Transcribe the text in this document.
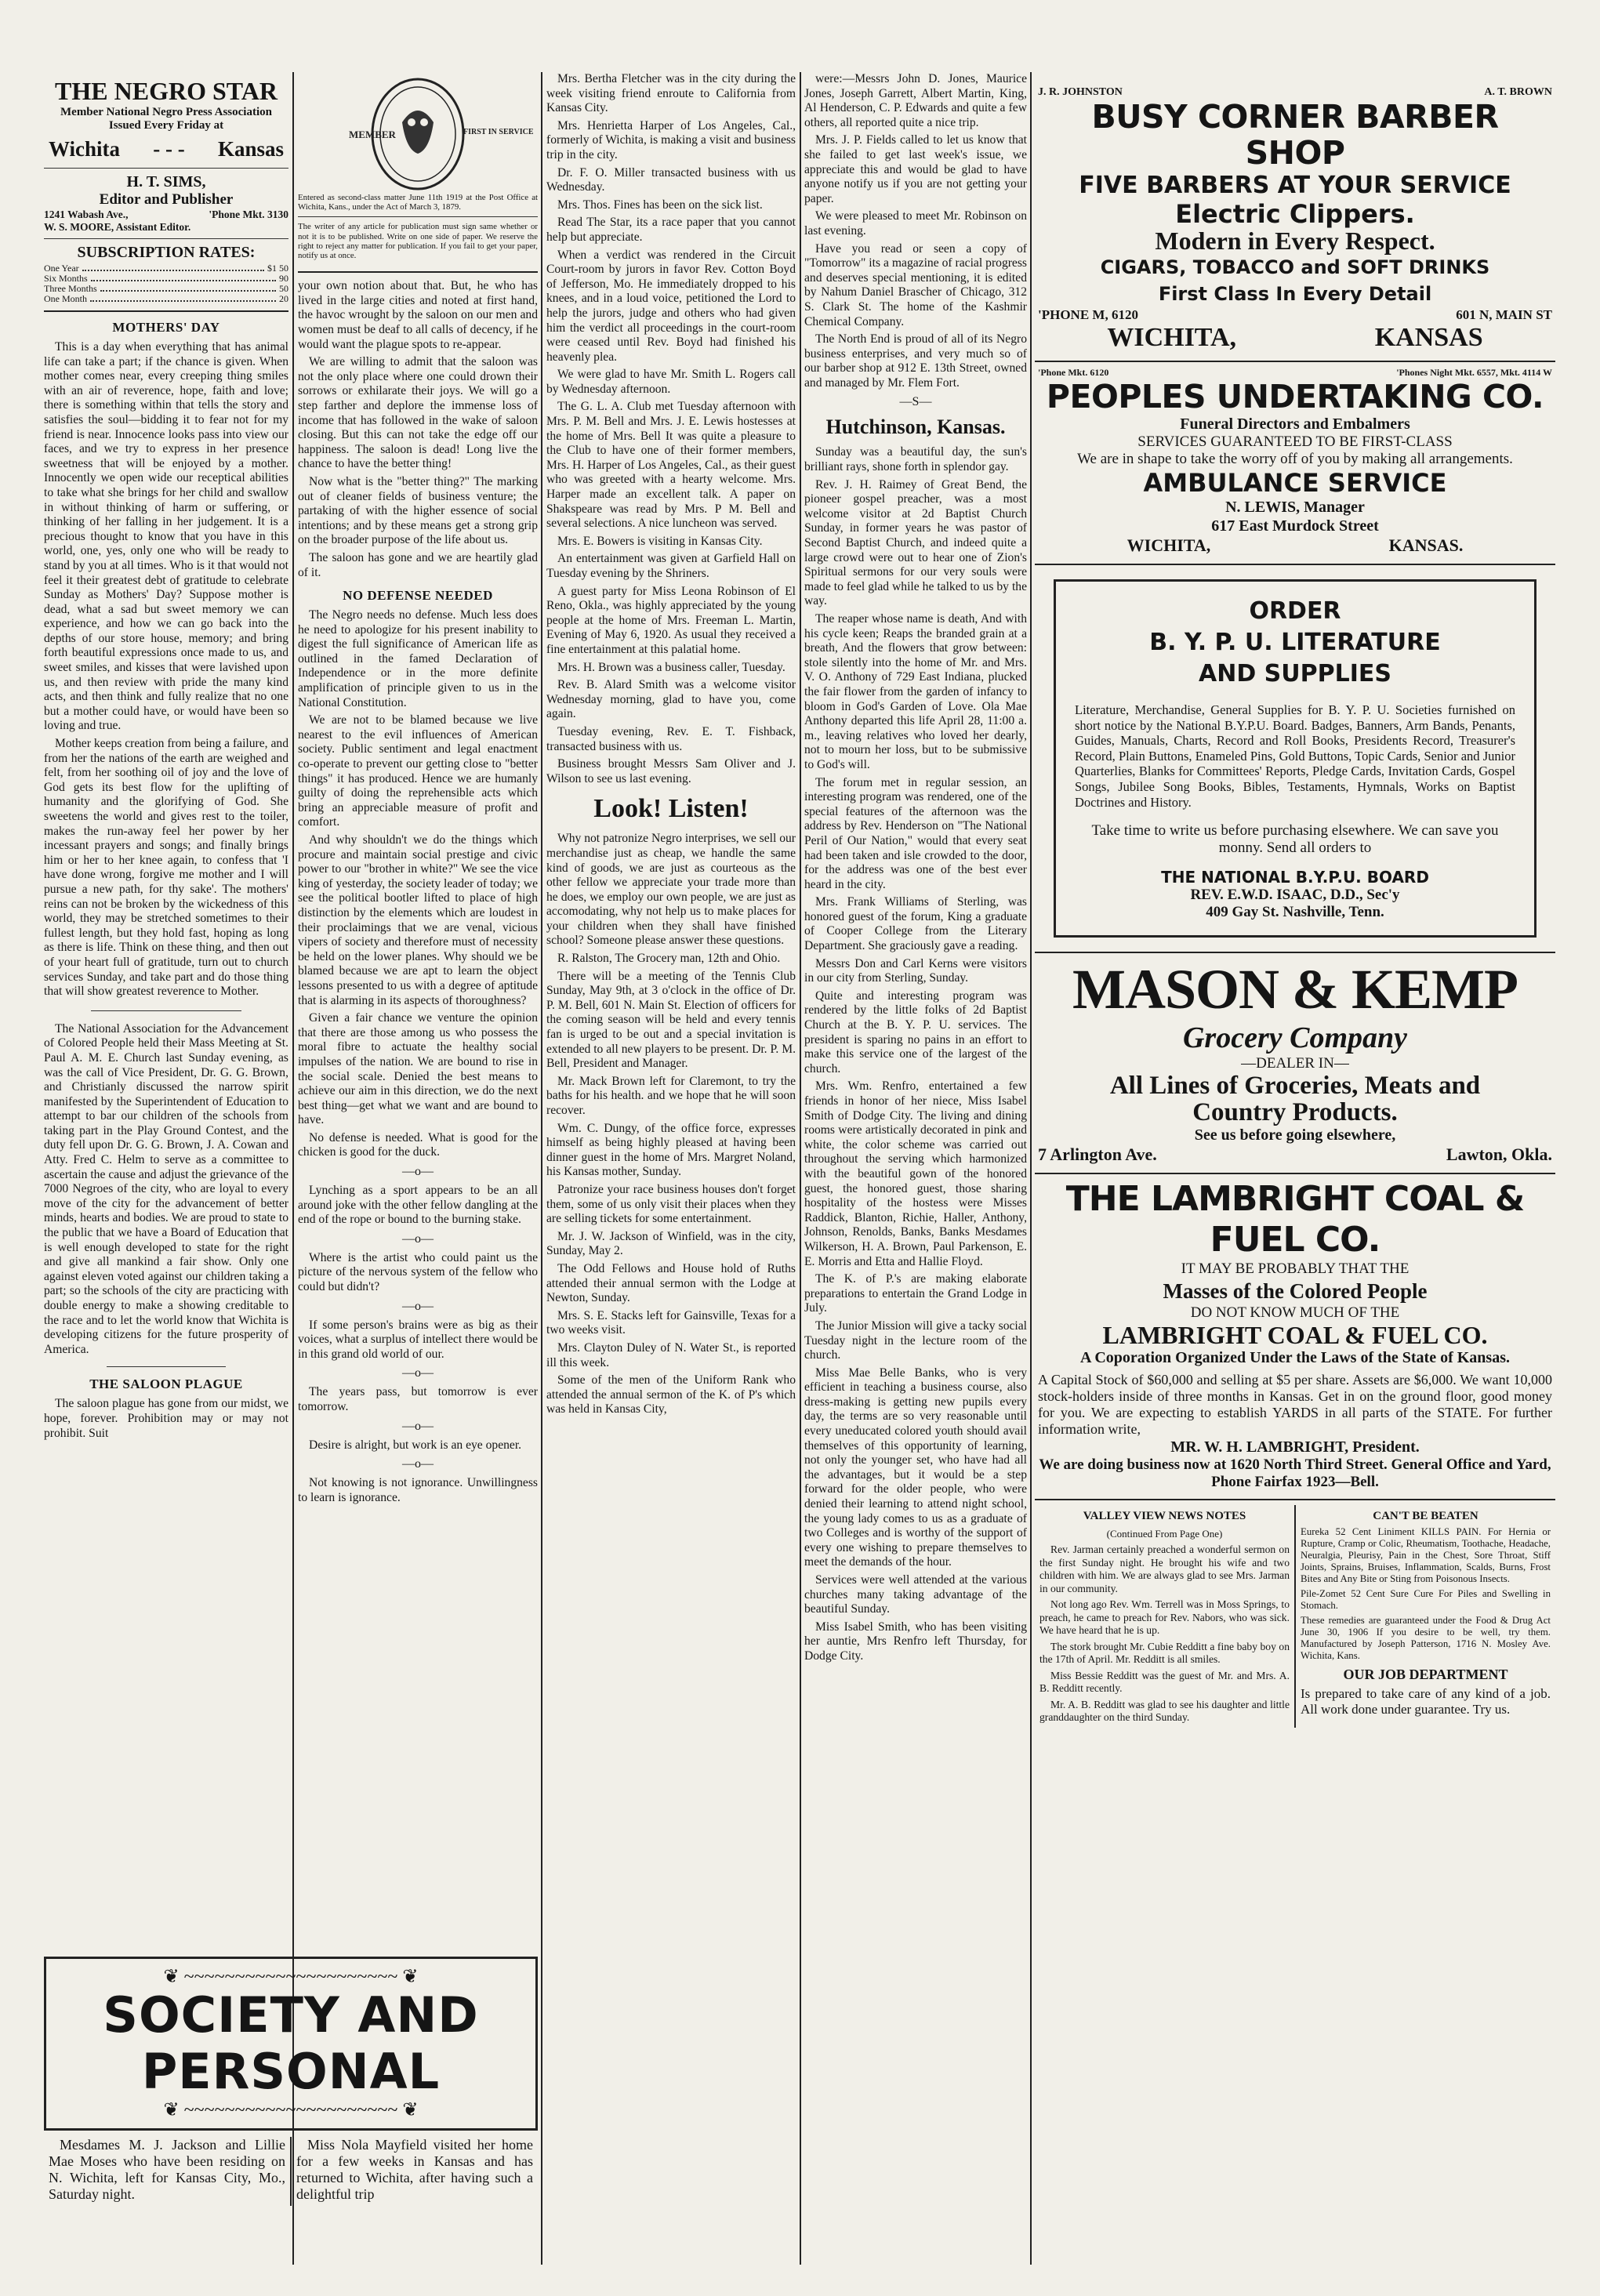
THE NEGRO STAR
Member National Negro Press Association
Issued Every Friday at
Wichita - - - Kansas
H. T. SIMS,
Editor and Publisher
1241 Wabash Ave.,	'Phone Mkt. 3130
W. S. MOORE, Assistant Editor.
SUBSCRIPTION RATES:
One Year	$1 50
Six Months	90
Three Months	50
One Month	20
MOTHERS' DAY

This is a day when everything that has animal life can take a part; if the chance is given. When mother comes near, every creeping thing smiles with an air of reverence, hope, faith and love; there is something within that tells the story and satisfies the soul—bidding it to fear not for my friend is near. Innocence looks pass into view our faces, and we try to express in her presence sweetness that will be enjoyed by a mother. Innocently we open wide our receptical abilities to take what she brings for her child and swallow in without thinking of harm or suffering, or thinking of her falling in her judgement. It is a precious thought to know that you have in this world, one, yes, only one who will be ready to stand by you at all times. Who is it that would not feel it their greatest debt of gratitude to celebrate Sunday as Mothers' Day? Suppose mother is dead, what a sad but sweet memory we can experience, and how we can go back into the depths of our store house, memory; and bring forth beautiful expressions once made to us, and sweet smiles, and kisses that were lavished upon us, and then review with pride the many kind acts, and then think and fully realize that no one but a mother could have, or would have been so loving and true.

Mother keeps creation from being a failure, and from her the nations of the earth are weighed and felt, from her soothing oil of joy and the love of God gets its best flow for the uplifting of humanity and the glorifying of God. She sweetens the world and gives rest to the toiler, makes the run-away feel her power by her incessant prayers and songs; and finally brings him or her to her knee again, to confess that 'I have done wrong, forgive me mother and I will pursue a new path, for thy sake'. The mothers' reins can not be broken by the wickedness of this world, they may be stretched sometimes to their fullest length, but they hold fast, hoping as long as there is life. Think on these thing, and then out of your heart full of gratitude, turn out to church services Sunday, and take part and do those thing that will show greatest reverence to Mother.

The National Association for the Advancement of Colored People held their Mass Meeting at St. Paul A. M. E. Church last Sunday evening, as was the call of Vice President, Dr. G. G. Brown, and Christianly discussed the narrow spirit manifested by the Superintendent of Education to attempt to bar our children of the schools from taking part in the Play Ground Contest, and the duty fell upon Dr. G. G. Brown, J. A. Cowan and Atty. Fred C. Helm to serve as a committee to ascertain the cause and adjust the grievance of the 7000 Negroes of the city, who are loyal to every move of the city for the advancement of better minds, hearts and bodies. We are proud to state to the public that we have a Board of Education that is well enough developed to state for the right and give all mankind a fair show. Only one against eleven voted against our children taking a part; so the schools of the city are practicing with double energy to make a showing creditable to the race and to let the world know that Wichita is developing citizens for the future prosperity of America.

THE SALOON PLAGUE

The saloon plague has gone from our midst, we hope, forever. Prohibition may or may not prohibit. Suit

❦ ~~~~~~~~~~~~~~~~~~~~~ ❦
SOCIETY AND PERSONAL
❦ ~~~~~~~~~~~~~~~~~~~~~ ❦

Mesdames M. J. Jackson and Lillie Mae Moses who have been residing on N. Wichita, left for Kansas City, Mo., Saturday night.

Miss Nola Mayfield visited her home for a few weeks in Kansas and has returned to Wichita, after having such a delightful trip

MEMBER	FIRST IN SERVICE
Entered as second-class matter June 11th 1919 at the Post Office at Wichita, Kans., under the Act of March 3, 1879.
The writer of any article for publication must sign same whether or not it is to be published. Write on one side of paper. We reserve the right to reject any matter for publication. If you fail to get your paper, notify us at once.

your own notion about that. But, he who has lived in the large cities and noted at first hand, the havoc wrought by the saloon on our men and women must be deaf to all calls of decency, if he would want the plague spots to re-appear.

We are willing to admit that the saloon was not the only place where one could drown their sorrows or exhilarate their joys. We will go a step farther and deplore the immense loss of income that has followed in the wake of saloon closing. But this can not take the edge off our happiness. The saloon is dead! Long live the chance to have the better thing!

Now what is the "better thing?" The marking out of cleaner fields of business venture; the partaking of with the higher essence of social intentions; and by these means get a strong grip on the broader purpose of the life about us.

The saloon has gone and we are heartily glad of it.

NO DEFENSE NEEDED

The Negro needs no defense. Much less does he need to apologize for his present inability to digest the full significance of American life as outlined in the famed Declaration of Independence or in the more definite amplification of principle given to us in the National Constitution.

We are not to be blamed because we live nearest to the evil influences of American society. Public sentiment and legal enactment co-operate to prevent our getting close to "better things" it has produced. Hence we are humanly guilty of doing the reprehensible acts which bring an appreciable measure of profit and comfort.

And why shouldn't we do the things which procure and maintain social prestige and civic power to our "brother in white?" We see the vice king of yesterday, the society leader of today; we see the political bootler lifted to place of high distinction by the elements which are loudest in their proclaimings that we are venal, vicious vipers of society and therefore must of necessity be held on the lower planes. Why should we be blamed because we are apt to learn the object lessons presented to us with a degree of aptitude that is alarming in its aspects of thoroughness?

Given a fair chance we venture the opinion that there are those among us who possess the moral fibre to actuate the healthy social impulses of the nation. We are bound to rise in the social scale. Denied the best means to achieve our aim in this direction, we do the next best thing—get what we want and are bound to have.

No defense is needed. What is good for the chicken is good for the duck.

—o—

Lynching as a sport appears to be an all around joke with the other fellow dangling at the end of the rope or bound to the burning stake.

—o—

Where is the artist who could paint us the picture of the nervous system of the fellow who could but didn't?

—o—

If some person's brains were as big as their voices, what a surplus of intellect there would be in this grand old world of our.

—o—

The years pass, but tomorrow is ever tomorrow.

—o—

Desire is alright, but work is an eye opener.

—o—

Not knowing is not ignorance. Unwillingness to learn is ignorance.

Mrs. Bertha Fletcher was in the city during the week visiting friend enroute to California from Kansas City.

Mrs. Henrietta Harper of Los Angeles, Cal., formerly of Wichita, is making a visit and business trip in the city.

Dr. F. O. Miller transacted business with us Wednesday.

Mrs. Thos. Fines has been on the sick list.

Read The Star, its a race paper that you cannot help but appreciate.

When a verdict was rendered in the Circuit Court-room by jurors in favor Rev. Cotton Boyd of Jefferson, Mo. He immediately dropped to his knees, and in a loud voice, petitioned the Lord to help the jurors, judge and others who had given him the verdict all proceedings in the court-room were ceased until Rev. Boyd had finished his heavenly plea.

We were glad to have Mr. Smith L. Rogers call by Wednesday afternoon.

The G. L. A. Club met Tuesday afternoon with Mrs. P. M. Bell and Mrs. J. E. Lewis hostesses at the home of Mrs. Bell It was quite a pleasure to the Club to have one of their former members, Mrs. H. Harper of Los Angeles, Cal., as their guest who was greeted with a hearty welcome. Mrs. Harper made an excellent talk. A paper on Shakspeare was read by Mrs. P M. Bell and several selections. A nice luncheon was served.

Mrs. E. Bowers is visiting in Kansas City.

An entertainment was given at Garfield Hall on Tuesday evening by the Shriners.

A guest party for Miss Leona Robinson of El Reno, Okla., was highly appreciated by the young people at the home of Mrs. Freeman L. Martin, Evening of May 6, 1920. As usual they received a fine entertainment at this palatial home.

Mrs. H. Brown was a business caller, Tuesday.

Rev. B. Alard Smith was a welcome visitor Wednesday morning, glad to have you, come again.

Tuesday evening, Rev. E. T. Fishback, transacted business with us.

Business brought Messrs Sam Oliver and J. Wilson to see us last evening.

Look! Listen!

Why not patronize Negro interprises, we sell our merchandise just as cheap, we handle the same kind of goods, we are just as courteous as the other fellow we appreciate your trade more than he does, we employ our own people, we are just as accomodating, why not help us to make places for your children when they shall have finished school? Someone please answer these questions.

R. Ralston, The Grocery man, 12th and Ohio.

There will be a meeting of the Tennis Club Sunday, May 9th, at 3 o'clock in the office of Dr. P. M. Bell, 601 N. Main St. Election of officers for the coming season will be held and every tennis fan is urged to be out and a special invitation is extended to all new players to be present. Dr. P. M. Bell, President and Manager.

Mr. Mack Brown left for Claremont, to try the baths for his health. and we hope that he will soon recover.

Wm. C. Dungy, of the office force, expresses himself as being highly pleased at having been dinner guest in the home of Mrs. Margret Noland, his Kansas mother, Sunday.

Patronize your race business houses don't forget them, some of us only visit their places when they are selling tickets for some entertainment.

Mr. J. W. Jackson of Winfield, was in the city, Sunday, May 2.

The Odd Fellows and House hold of Ruths attended their annual sermon with the Lodge at Newton, Sunday.

Mrs. S. E. Stacks left for Gainsville, Texas for a two weeks visit.

Mrs. Clayton Duley of N. Water St., is reported ill this week.

Some of the men of the Uniform Rank who attended the annual sermon of the K. of P's which was held in Kansas City,

were:—Messrs John D. Jones, Maurice Jones, Joseph Garrett, Albert Martin, King, Al Henderson, C. P. Edwards and quite a few others, all reported quite a nice trip.

Mrs. J. P. Fields called to let us know that she failed to get last week's issue, we appreciate this and would be glad to have anyone notify us if you are not getting your paper.

We were pleased to meet Mr. Robinson on last evening.

Have you read or seen a copy of "Tomorrow" its a magazine of racial progress and deserves special mentioning, it is edited by Nahum Daniel Brascher of Chicago, 312 S. Clark St. The home of the Kashmir Chemical Company.

The North End is proud of all of its Negro business enterprises, and very much so of our barber shop at 912 E. 13th Street, owned and managed by Mr. Flem Fort.

—S—
Hutchinson, Kansas.

Sunday was a beautiful day, the sun's brilliant rays, shone forth in splendor gay.

Rev. J. H. Raimey of Great Bend, the pioneer gospel preacher, was a most welcome visitor at 2d Baptist Church Sunday, in former years he was pastor of Second Baptist Church, and indeed quite a large crowd were out to hear one of Zion's Spiritual sermons for our very souls were made to feel glad while he talked to us by the way.

The reaper whose name is death, And with his cycle keen; Reaps the branded grain at a breath, And the flowers that grow between: stole silently into the home of Mr. and Mrs. V. O. Anthony of 729 East Indiana, plucked the fair flower from the garden of infancy to bloom in God's Garden of Love. Ola Mae Anthony departed this life April 28, 11:00 a. m., leaving relatives who loved her dearly, not to mourn her loss, but to be submissive to God's will.

The forum met in regular session, an interesting program was rendered, one of the special features of the afternoon was the address by Rev. Henderson on "The National Peril of Our Nation," would that every seat had been taken and isle crowded to the door, for the address was one of the best ever heard in the city.

Mrs. Frank Williams of Sterling, was honored guest of the forum, King a graduate of Cooper College from the Literary Department. She graciously gave a reading.

Messrs Don and Carl Kerns were visitors in our city from Sterling, Sunday.

Quite and interesting program was rendered by the little folks of 2d Baptist Church at the B. Y. P. U. services. The president is sparing no pains in an effort to make this service one of the largest of the church.

Mrs. Wm. Renfro, entertained a few friends in honor of her niece, Miss Isabel Smith of Dodge City. The living and dining rooms were artistically decorated in pink and white, the color scheme was carried out throughout the serving which harmonized with the beautiful gown of the honored guest, the honored guest, those sharing hospitality of the hostess were Misses Raddick, Blanton, Richie, Haller, Anthony, Johnson, Renolds, Banks, Banks Mesdames Wilkerson, H. A. Brown, Paul Parkenson, E. E. Morris and Etta and Hallie Floyd.

The K. of P.'s are making elaborate preparations to entertain the Grand Lodge in July.

The Junior Mission will give a tacky social Tuesday night in the lecture room of the church.

Miss Mae Belle Banks, who is very efficient in teaching a business course, also dress-making is getting new pupils every day, the terms are so very reasonable until every uneducated colored youth should avail themselves of this opportunity of learning, not only the younger set, who have had all the advantages, but it would be a step forward for the older people, who were denied their learning to attend night school, the young lady comes to us as a graduate of two Colleges and is worthy of the support of every one wishing to prepare themselves to meet the demands of the hour.

Services were well attended at the various churches many taking advantage of the beautiful Sunday.

Miss Isabel Smith, who has been visiting her auntie, Mrs Renfro left Thursday, for Dodge City.

J. R. JOHNSTON	A. T. BROWN
BUSY CORNER BARBER SHOP
FIVE BARBERS AT YOUR SERVICE
Electric Clippers.
Modern in Every Respect.
CIGARS, TOBACCO and SOFT DRINKS
First Class In Every Detail
'PHONE M, 6120	601 N, MAIN ST
WICHITA,	KANSAS
'Phone Mkt. 6120	'Phones Night Mkt. 6557, Mkt. 4114 W
PEOPLES UNDERTAKING CO.
Funeral Directors and Embalmers
SERVICES GUARANTEED TO BE FIRST-CLASS
We are in shape to take the worry off of you by making all arrangements.
AMBULANCE SERVICE
N. LEWIS, Manager
617 East Murdock Street
WICHITA,	KANSAS.
ORDER
B. Y. P. U. LITERATURE
AND SUPPLIES
Literature, Merchandise, General Supplies for B. Y. P. U. Societies furnished on short notice by the National B.Y.P.U. Board. Badges, Banners, Arm Bands, Penants, Guides, Manuals, Charts, Record and Roll Books, Presidents Record, Treasurer's Record, Plain Buttons, Enameled Pins, Gold Buttons, Topic Cards, Senior and Junior Quarterlies, Blanks for Committees' Reports, Pledge Cards, Invitation Cards, Gospel Songs, Jubilee Song Books, Bibles, Testaments, Hymnals, Works on Baptist Doctrines and History.
Take time to write us before purchasing elsewhere. We can save you monny. Send all orders to
THE NATIONAL B.Y.P.U. BOARD
REV. E.W.D. ISAAC, D.D., Sec'y
409 Gay St. Nashville, Tenn.
MASON & KEMP
Grocery Company
—DEALER IN—
All Lines of Groceries, Meats and
Country Products.
See us before going elsewhere,
7 Arlington Ave.	Lawton, Okla.
THE LAMBRIGHT COAL & FUEL CO.
IT MAY BE PROBABLY THAT THE
Masses of the Colored People
DO NOT KNOW MUCH OF THE
LAMBRIGHT COAL & FUEL CO.
A Coporation Organized Under the Laws of the State of Kansas.
A Capital Stock of $60,000 and selling at $5 per share. Assets are $6,000. We want 10,000 stock-holders inside of three months in Kansas. Get in on the ground floor, good money for you. We are expecting to establish YARDS in all parts of the STATE. For further information write,
MR. W. H. LAMBRIGHT, President.
We are doing business now at 1620 North Third Street. General Office and Yard, Phone Fairfax 1923—Bell.
VALLEY VIEW NEWS NOTES
(Continued From Page One)

Rev. Jarman certainly preached a wonderful sermon on the first Sunday night. He brought his wife and two children with him. We are always glad to see Mrs. Jarman in our community.

Not long ago Rev. Wm. Terrell was in Moss Springs, to preach, he came to preach for Rev. Nabors, who was sick. We have heard that he is up.

The stork brought Mr. Cubie Redditt a fine baby boy on the 17th of April. Mr. Redditt is all smiles.

Miss Bessie Redditt was the guest of Mr. and Mrs. A. B. Redditt recently.

Mr. A. B. Redditt was glad to see his daughter and little granddaughter on the third Sunday.

CAN'T BE BEATEN

Eureka 52 Cent Liniment KILLS PAIN. For Hernia or Rupture, Cramp or Colic, Rheumatism, Toothache, Headache, Neuralgia, Pleurisy, Pain in the Chest, Sore Throat, Stiff Joints, Sprains, Bruises, Inflammation, Scalds, Burns, Frost Bites and Any Bite or Sting from Poisonous Insects.

Pile-Zomet 52 Cent Sure Cure For Piles and Swelling in Stomach.

These remedies are guaranteed under the Food & Drug Act June 30, 1906 If you desire to be well, try them. Manufactured by Joseph Patterson, 1716 N. Mosley Ave. Wichita, Kans.

OUR JOB DEPARTMENT

Is prepared to take care of any kind of a job. All work done under guarantee. Try us.
